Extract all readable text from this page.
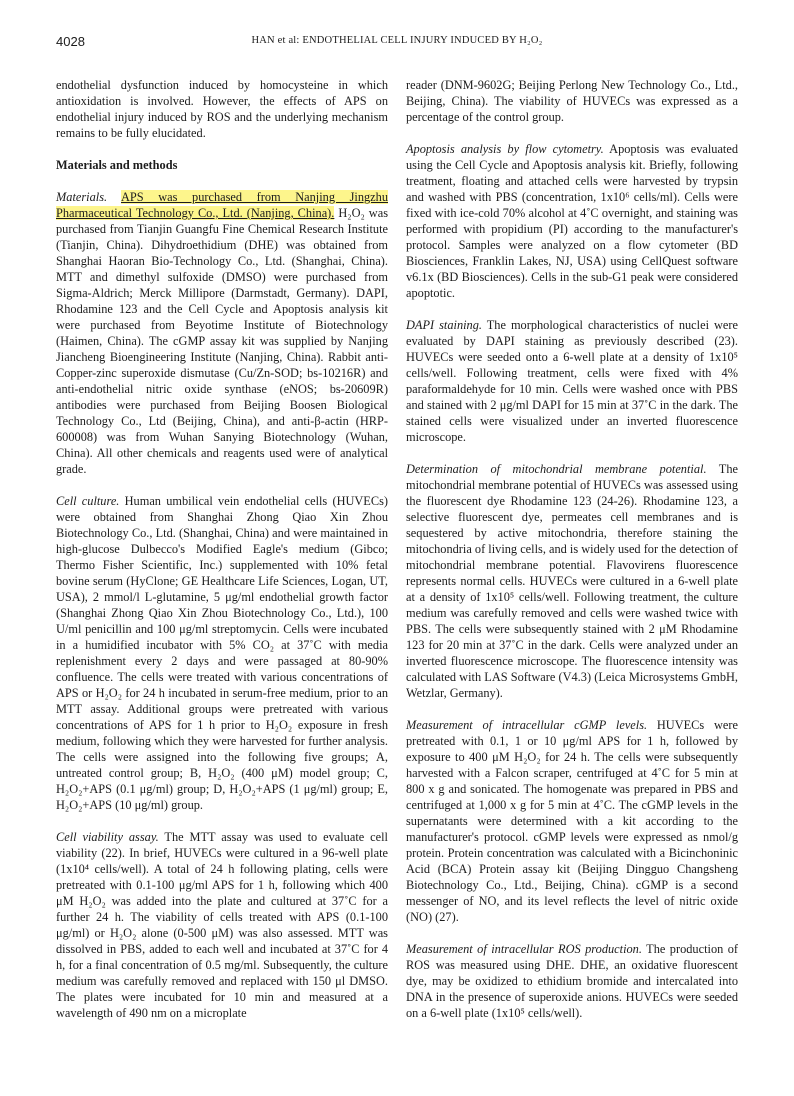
4028	HAN et al: ENDOTHELIAL CELL INJURY INDUCED BY H₂O₂

endothelial dysfunction induced by homocysteine in which antioxidation is involved. However, the effects of APS on endothelial injury induced by ROS and the underlying mechanism remains to be fully elucidated.

Materials and methods

Materials. APS was purchased from Nanjing Jingzhu Pharmaceutical Technology Co., Ltd. (Nanjing, China). H₂O₂ was purchased from Tianjin Guangfu Fine Chemical Research Institute (Tianjin, China). Dihydroethidium (DHE) was obtained from Shanghai Haoran Bio-Technology Co., Ltd. (Shanghai, China). MTT and dimethyl sulfoxide (DMSO) were purchased from Sigma-Aldrich; Merck Millipore (Darmstadt, Germany). DAPI, Rhodamine 123 and the Cell Cycle and Apoptosis analysis kit were purchased from Beyotime Institute of Biotechnology (Haimen, China). The cGMP assay kit was supplied by Nanjing Jiancheng Bioengineering Institute (Nanjing, China). Rabbit anti-Copper-zinc superoxide dismutase (Cu/Zn-SOD; bs-10216R) and anti-endothelial nitric oxide synthase (eNOS; bs-20609R) antibodies were purchased from Beijing Boosen Biological Technology Co., Ltd (Beijing, China), and anti-β-actin (HRP-600008) was from Wuhan Sanying Biotechnology (Wuhan, China). All other chemicals and reagents used were of analytical grade.

Cell culture. Human umbilical vein endothelial cells (HUVECs) were obtained from Shanghai Zhong Qiao Xin Zhou Biotechnology Co., Ltd. (Shanghai, China) and were maintained in high-glucose Dulbecco's Modified Eagle's medium (Gibco; Thermo Fisher Scientific, Inc.) supplemented with 10% fetal bovine serum (HyClone; GE Healthcare Life Sciences, Logan, UT, USA), 2 mmol/l L-glutamine, 5 μg/ml endothelial growth factor (Shanghai Zhong Qiao Xin Zhou Biotechnology Co., Ltd.), 100 U/ml penicillin and 100 μg/ml streptomycin. Cells were incubated in a humidified incubator with 5% CO₂ at 37˚C with media replenishment every 2 days and were passaged at 80-90% confluence. The cells were treated with various concentrations of APS or H₂O₂ for 24 h incubated in serum-free medium, prior to an MTT assay. Additional groups were pretreated with various concentrations of APS for 1 h prior to H₂O₂ exposure in fresh medium, following which they were harvested for further analysis. The cells were assigned into the following five groups; A, untreated control group; B, H₂O₂ (400 μM) model group; C, H₂O₂+APS (0.1 μg/ml) group; D, H₂O₂+APS (1 μg/ml) group; E, H₂O₂+APS (10 μg/ml) group.

Cell viability assay. The MTT assay was used to evaluate cell viability (22). In brief, HUVECs were cultured in a 96-well plate (1x10⁴ cells/well). A total of 24 h following plating, cells were pretreated with 0.1-100 μg/ml APS for 1 h, following which 400 μM H₂O₂ was added into the plate and cultured at 37˚C for a further 24 h. The viability of cells treated with APS (0.1-100 μg/ml) or H₂O₂ alone (0-500 μM) was also assessed. MTT was dissolved in PBS, added to each well and incubated at 37˚C for 4 h, for a final concentration of 0.5 mg/ml. Subsequently, the culture medium was carefully removed and replaced with 150 μl DMSO. The plates were incubated for 10 min and measured at a wavelength of 490 nm on a microplate

reader (DNM-9602G; Beijing Perlong New Technology Co., Ltd., Beijing, China). The viability of HUVECs was expressed as a percentage of the control group.

Apoptosis analysis by flow cytometry. Apoptosis was evaluated using the Cell Cycle and Apoptosis analysis kit. Briefly, following treatment, floating and attached cells were harvested by trypsin and washed with PBS (concentration, 1x10⁶ cells/ml). Cells were fixed with ice-cold 70% alcohol at 4˚C overnight, and staining was performed with propidium (PI) according to the manufacturer's protocol. Samples were analyzed on a flow cytometer (BD Biosciences, Franklin Lakes, NJ, USA) using CellQuest software v6.1x (BD Biosciences). Cells in the sub-G1 peak were considered apoptotic.

DAPI staining. The morphological characteristics of nuclei were evaluated by DAPI staining as previously described (23). HUVECs were seeded onto a 6-well plate at a density of 1x10⁵ cells/well. Following treatment, cells were fixed with 4% paraformaldehyde for 10 min. Cells were washed once with PBS and stained with 2 μg/ml DAPI for 15 min at 37˚C in the dark. The stained cells were visualized under an inverted fluorescence microscope.

Determination of mitochondrial membrane potential. The mitochondrial membrane potential of HUVECs was assessed using the fluorescent dye Rhodamine 123 (24-26). Rhodamine 123, a selective fluorescent dye, permeates cell membranes and is sequestered by active mitochondria, therefore staining the mitochondria of living cells, and is widely used for the detection of mitochondrial membrane potential. Flavovirens fluorescence represents normal cells. HUVECs were cultured in a 6-well plate at a density of 1x10⁵ cells/well. Following treatment, the culture medium was carefully removed and cells were washed twice with PBS. The cells were subsequently stained with 2 μM Rhodamine 123 for 20 min at 37˚C in the dark. Cells were analyzed under an inverted fluorescence microscope. The fluorescence intensity was calculated with LAS Software (V4.3) (Leica Microsystems GmbH, Wetzlar, Germany).

Measurement of intracellular cGMP levels. HUVECs were pretreated with 0.1, 1 or 10 μg/ml APS for 1 h, followed by exposure to 400 μM H₂O₂ for 24 h. The cells were subsequently harvested with a Falcon scraper, centrifuged at 4˚C for 5 min at 800 x g and sonicated. The homogenate was prepared in PBS and centrifuged at 1,000 x g for 5 min at 4˚C. The cGMP levels in the supernatants were determined with a kit according to the manufacturer's protocol. cGMP levels were expressed as nmol/g protein. Protein concentration was calculated with a Bicinchoninic Acid (BCA) Protein assay kit (Beijing Dingguo Changsheng Biotechnology Co., Ltd., Beijing, China). cGMP is a second messenger of NO, and its level reflects the level of nitric oxide (NO) (27).

Measurement of intracellular ROS production. The production of ROS was measured using DHE. DHE, an oxidative fluorescent dye, may be oxidized to ethidium bromide and intercalated into DNA in the presence of superoxide anions. HUVECs were seeded on a 6-well plate (1x10⁵ cells/well).
